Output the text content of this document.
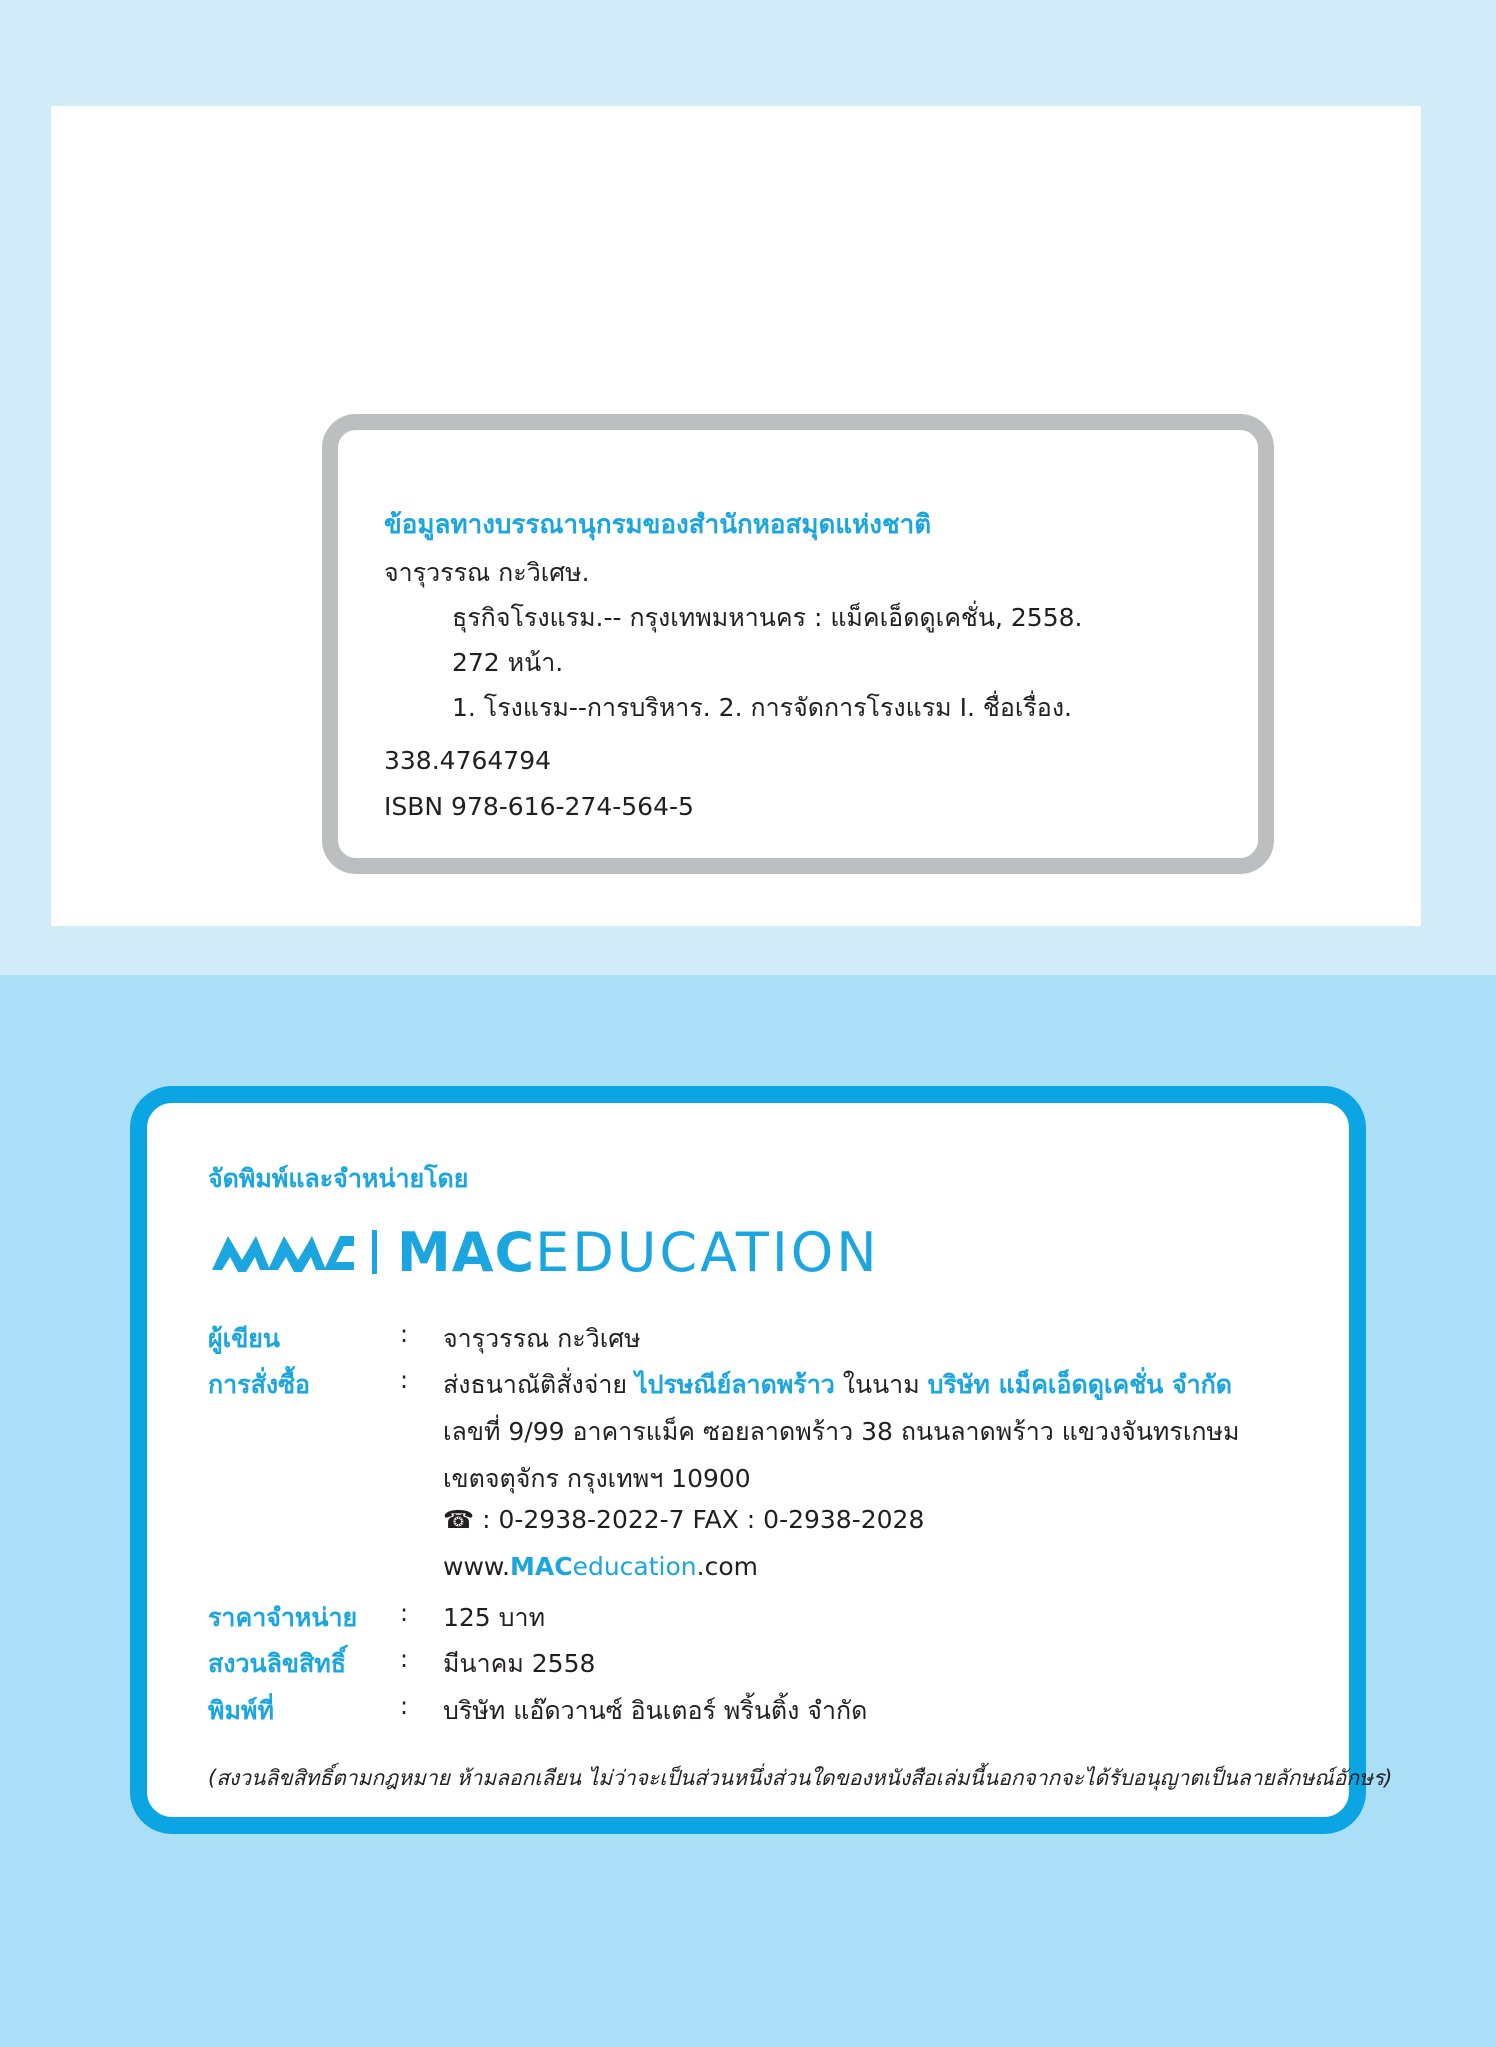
ข้อมูลทางบรรณานุกรมของสำนักหอสมุดแห่งชาติ
จารุวรรณ กะวิเศษ.
ธุรกิจโรงแรม.-- กรุงเทพมหานคร : แม็คเอ็ดดูเคชั่น, 2558.
272 หน้า.
1. โรงแรม--การบริหาร. 2. การจัดการโรงแรม I. ชื่อเรื่อง.
338.4764794
ISBN 978-616-274-564-5
จัดพิมพ์และจำหน่ายโดย
MACEDUCATION
ผู้เขียน	: จารุวรรณ กะวิเศษ
การสั่งซื้อ	: ส่งธนาณัติสั่งจ่าย ไปรษณีย์ลาดพร้าว ในนาม บริษัท แม็คเอ็ดดูเคชั่น จำกัด
เลขที่ 9/99 อาคารแม็ค ซอยลาดพร้าว 38 ถนนลาดพร้าว แขวงจันทรเกษม
เขตจตุจักร กรุงเทพฯ 10900
☎ : 0-2938-2022-7 FAX : 0-2938-2028
www.MACeducation.com
ราคาจำหน่าย : 125 บาท
สงวนลิขสิทธิ์ : มีนาคม 2558
พิมพ์ที่	: บริษัท แอ๊ดวานซ์ อินเตอร์ พริ้นติ้ง จำกัด
(สงวนลิขสิทธิ์ตามกฎหมาย ห้ามลอกเลียน ไม่ว่าจะเป็นส่วนหนึ่งส่วนใดของหนังสือเล่มนี้นอกจากจะได้รับอนุญาตเป็นลายลักษณ์อักษร)
